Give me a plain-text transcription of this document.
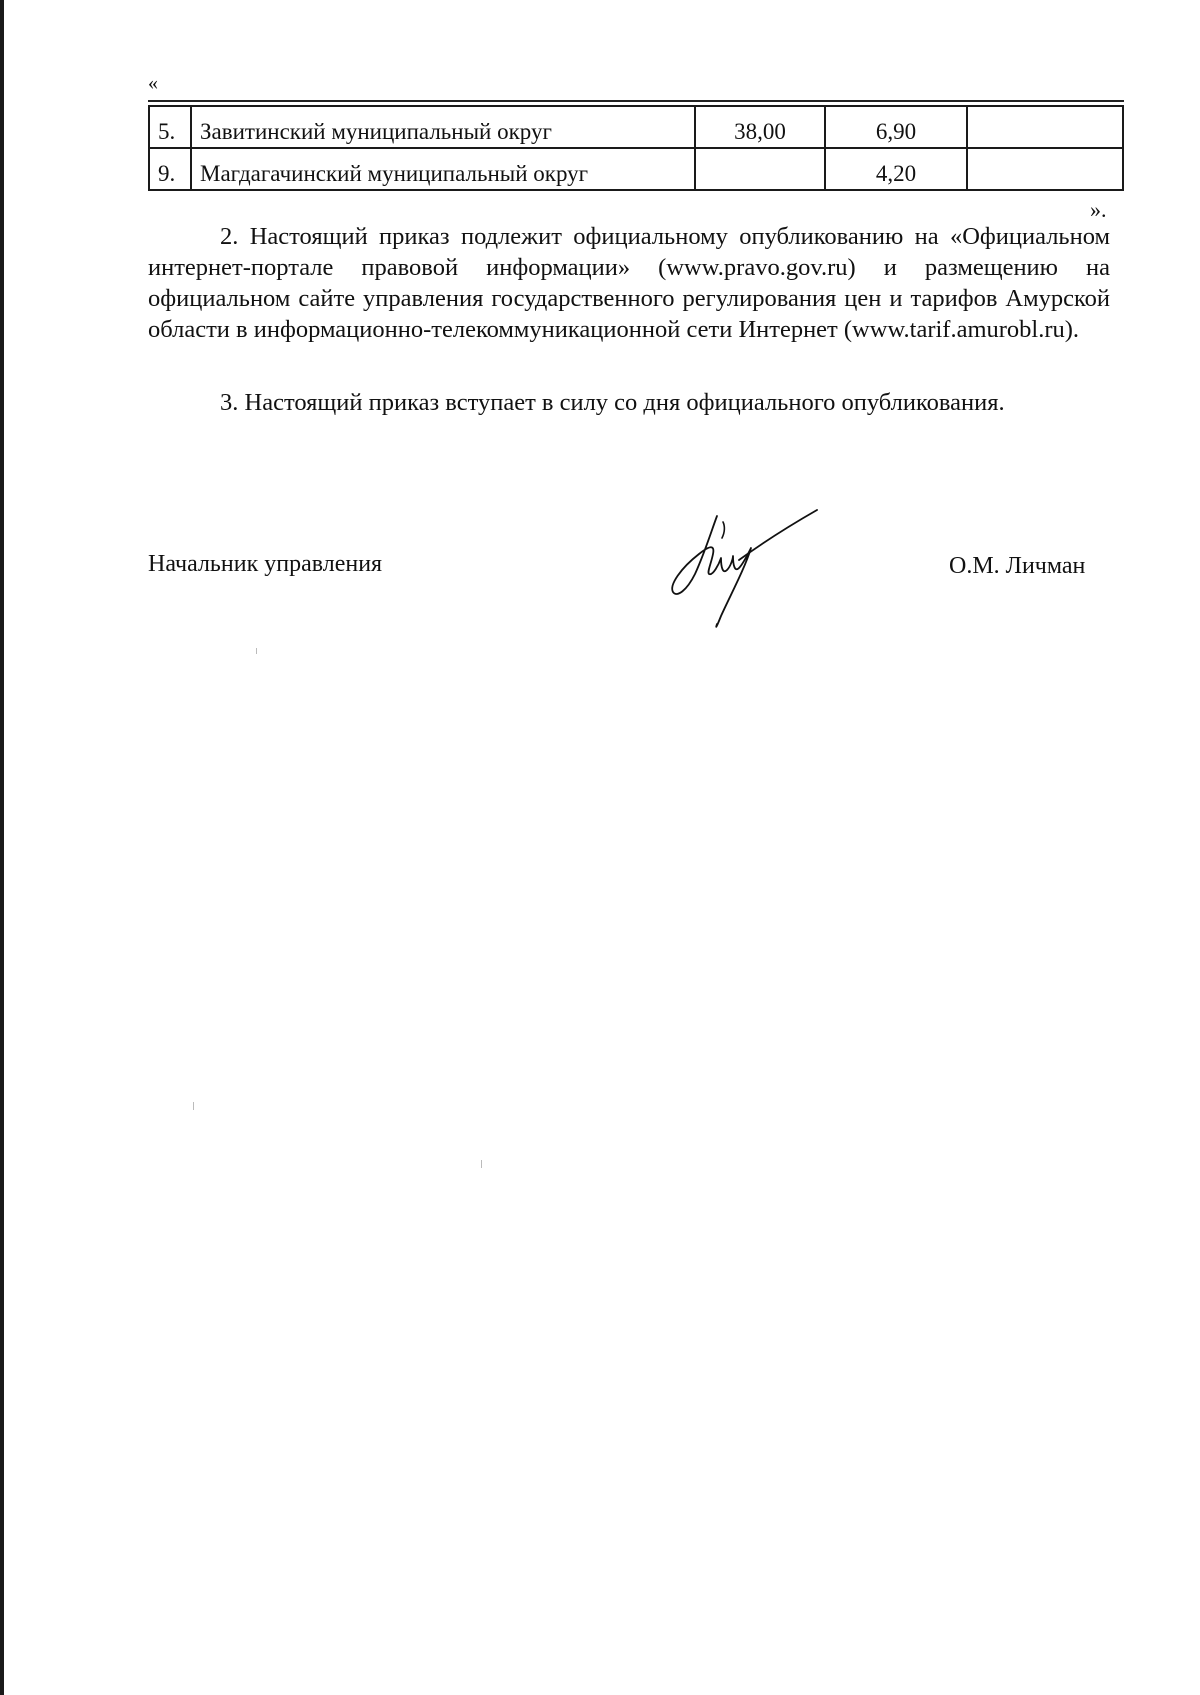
«
5.	Завитинский муниципальный округ	38,00	6,90	
9.	Магдагачинский муниципальный округ		4,20	
».

2. Настоящий приказ подлежит официальному опубликованию на «Официальном интернет-портале правовой информации» (www.pravo.gov.ru) и размещению на официальном сайте управления государственного регулирования цен и тарифов Амурской области в информационно-телекоммуникационной сети Интернет (www.tarif.amurobl.ru).

3. Настоящий приказ вступает в силу со дня официального опубликования.

Начальник управления	О.М. Личман
